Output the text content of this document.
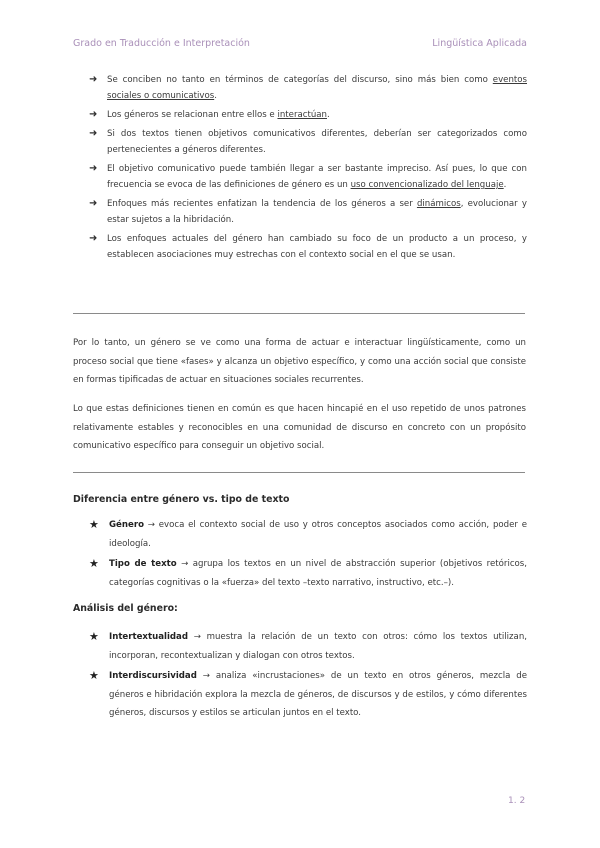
Grado en Traducción e Interpretación	Lingüística Aplicada
➜ Se conciben no tanto en términos de categorías del discurso, sino más bien como eventos sociales o comunicativos.
➜ Los géneros se relacionan entre ellos e interactúan.
➜ Si dos textos tienen objetivos comunicativos diferentes, deberían ser categorizados como pertenecientes a géneros diferentes.
➜ El objetivo comunicativo puede también llegar a ser bastante impreciso. Así pues, lo que con frecuencia se evoca de las definiciones de género es un uso convencionalizado del lenguaje.
➜ Enfoques más recientes enfatizan la tendencia de los géneros a ser dinámicos, evolucionar y estar sujetos a la hibridación.
➜ Los enfoques actuales del género han cambiado su foco de un producto a un proceso, y establecen asociaciones muy estrechas con el contexto social en el que se usan.
Por lo tanto, un género se ve como una forma de actuar e interactuar lingüísticamente, como un proceso social que tiene «fases» y alcanza un objetivo específico, y como una acción social que consiste en formas tipificadas de actuar en situaciones sociales recurrentes.
Lo que estas definiciones tienen en común es que hacen hincapié en el uso repetido de unos patrones relativamente estables y reconocibles en una comunidad de discurso en concreto con un propósito comunicativo específico para conseguir un objetivo social.
Diferencia entre género vs. tipo de texto
★ Género → evoca el contexto social de uso y otros conceptos asociados como acción, poder e ideología.
★ Tipo de texto → agrupa los textos en un nivel de abstracción superior (objetivos retóricos, categorías cognitivas o la «fuerza» del texto –texto narrativo, instructivo, etc.–).
Análisis del género:
★ Intertextualidad → muestra la relación de un texto con otros: cómo los textos utilizan, incorporan, recontextualizan y dialogan con otros textos.
★ Interdiscursividad → analiza «incrustaciones» de un texto en otros géneros, mezcla de géneros e hibridación explora la mezcla de géneros, de discursos y de estilos, y cómo diferentes géneros, discursos y estilos se articulan juntos en el texto.
1. 2
